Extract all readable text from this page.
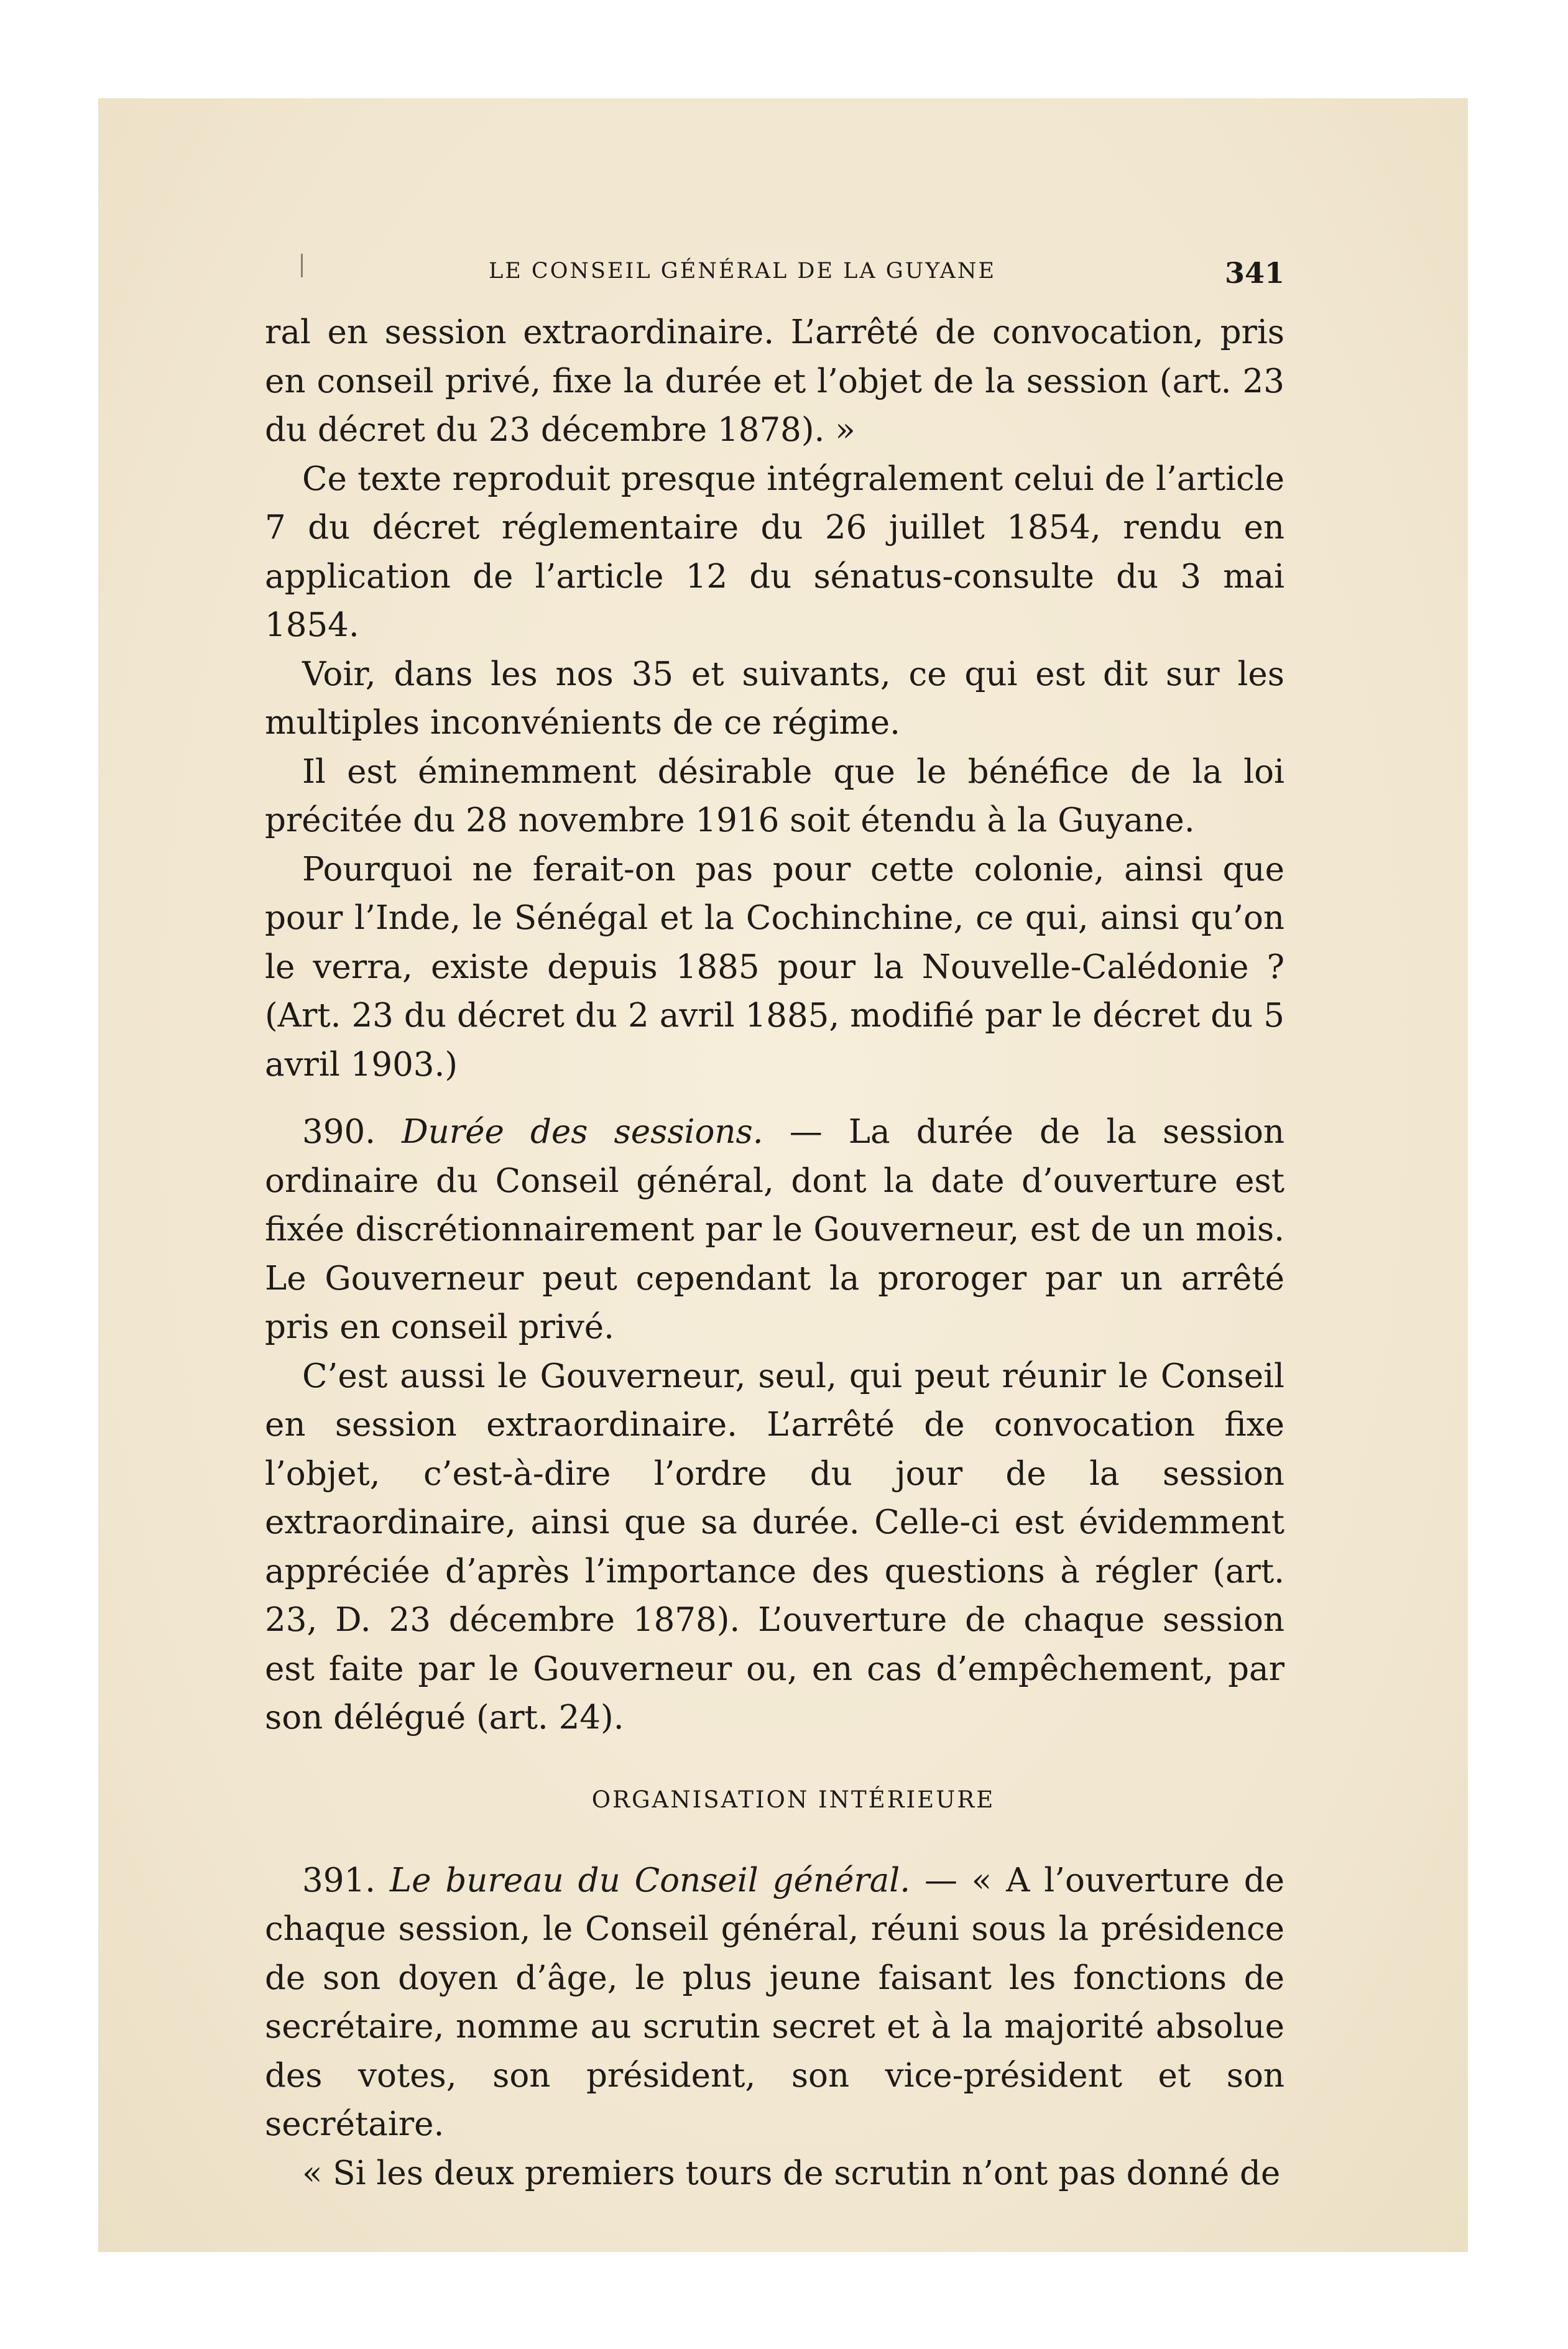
LE CONSEIL GÉNÉRAL DE LA GUYANE	341

ral en session extraordinaire. L’arrêté de convocation, pris en conseil privé, fixe la durée et l’objet de la session (art. 23 du décret du 23 décembre 1878). »

Ce texte reproduit presque intégralement celui de l’article 7 du décret réglementaire du 26 juillet 1854, rendu en application de l’article 12 du sénatus-consulte du 3 mai 1854.

Voir, dans les nos 35 et suivants, ce qui est dit sur les multiples inconvénients de ce régime.

Il est éminemment désirable que le bénéfice de la loi précitée du 28 novembre 1916 soit étendu à la Guyane.

Pourquoi ne ferait-on pas pour cette colonie, ainsi que pour l’Inde, le Sénégal et la Cochinchine, ce qui, ainsi qu’on le verra, existe depuis 1885 pour la Nouvelle-Calédonie ? (Art. 23 du décret du 2 avril 1885, modifié par le décret du 5 avril 1903.)

390. Durée des sessions. — La durée de la session ordinaire du Conseil général, dont la date d’ouverture est fixée discrétionnairement par le Gouverneur, est de un mois. Le Gouverneur peut cependant la proroger par un arrêté pris en conseil privé.

C’est aussi le Gouverneur, seul, qui peut réunir le Conseil en session extraordinaire. L’arrêté de convocation fixe l’objet, c’est-à-dire l’ordre du jour de la session extraordinaire, ainsi que sa durée. Celle-ci est évidemment appréciée d’après l’importance des questions à régler (art. 23, D. 23 décembre 1878). L’ouverture de chaque session est faite par le Gouverneur ou, en cas d’empêchement, par son délégué (art. 24).

ORGANISATION INTÉRIEURE

391. Le bureau du Conseil général. — « A l’ouverture de chaque session, le Conseil général, réuni sous la présidence de son doyen d’âge, le plus jeune faisant les fonctions de secrétaire, nomme au scrutin secret et à la majorité absolue des votes, son président, son vice-président et son secrétaire.

« Si les deux premiers tours de scrutin n’ont pas donné de
